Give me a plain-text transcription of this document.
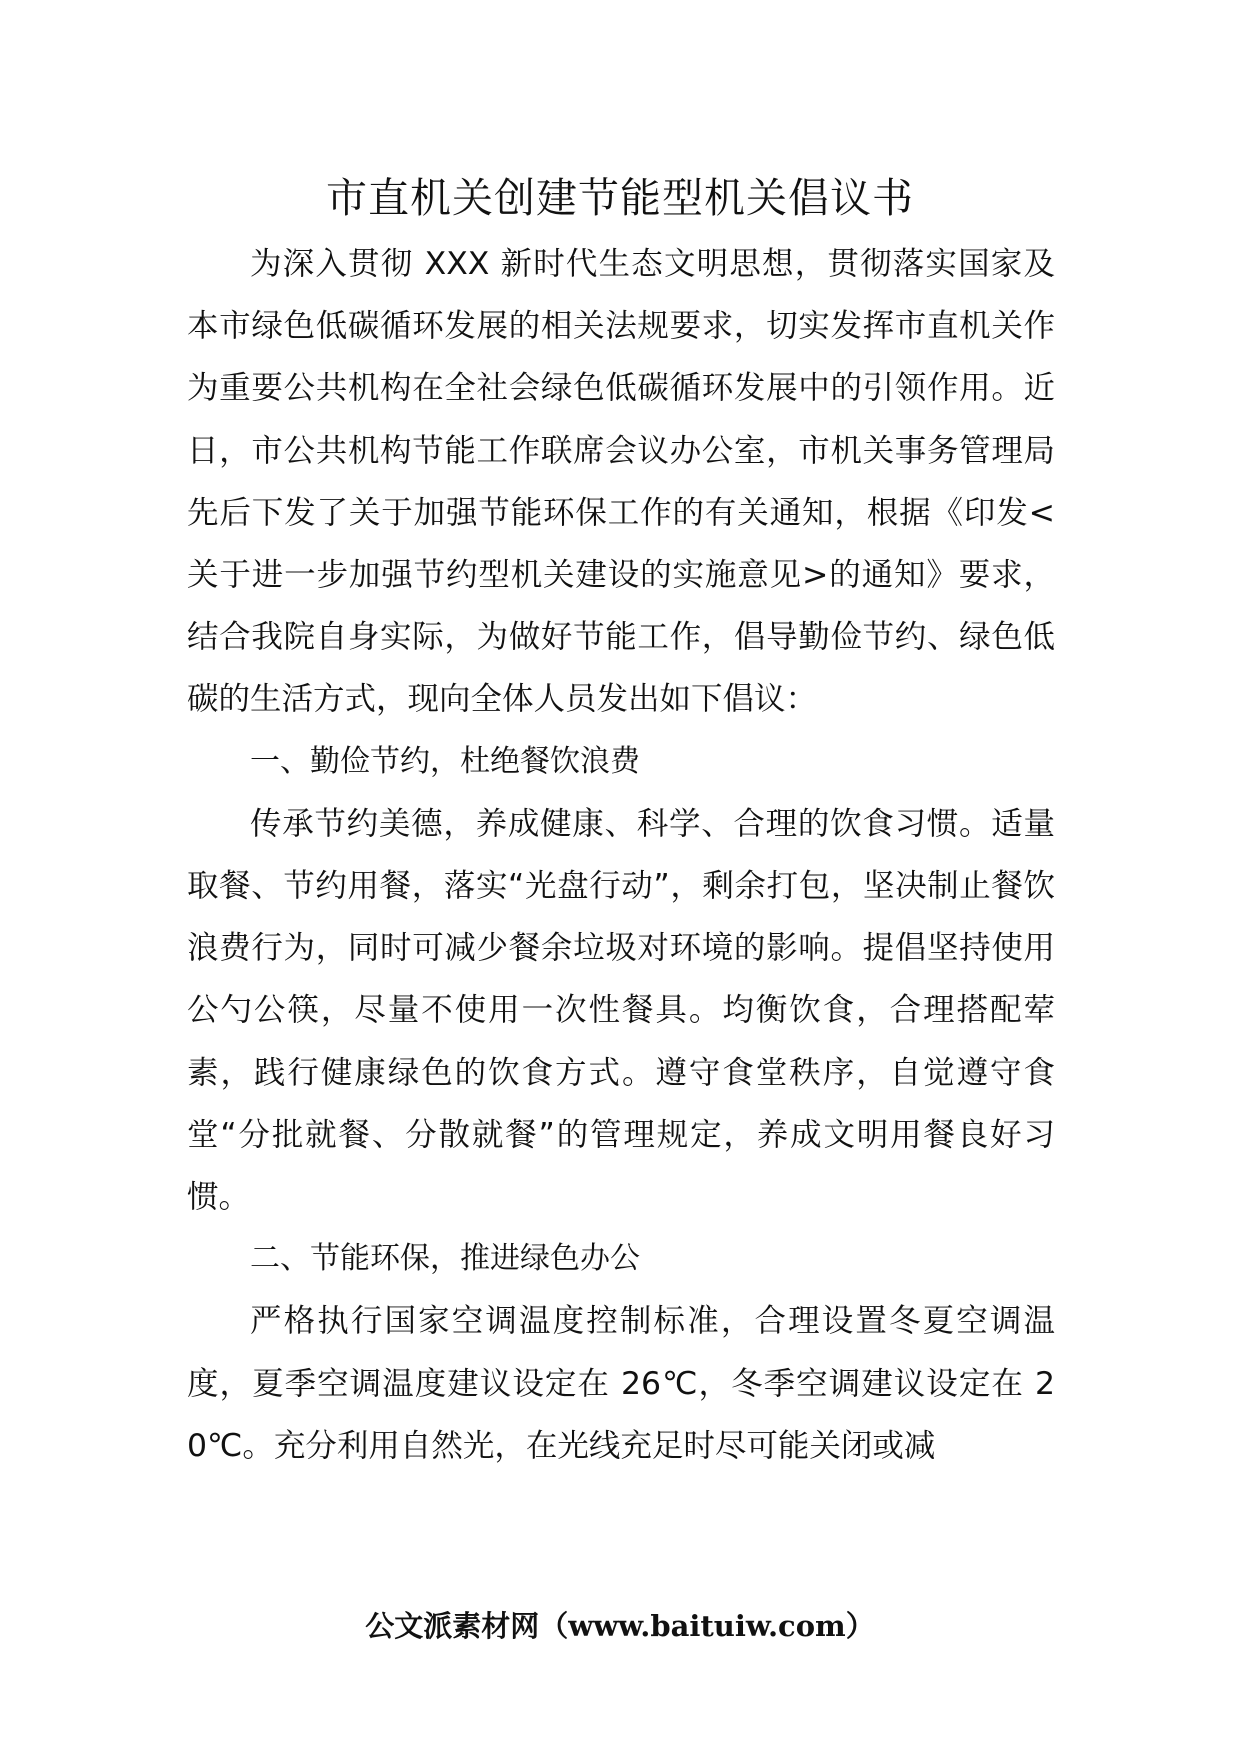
市直机关创建节能型机关倡议书

为深入贯彻 XXX 新时代生态文明思想，贯彻落实国家及本市绿色低碳循环发展的相关法规要求，切实发挥市直机关作为重要公共机构在全社会绿色低碳循环发展中的引领作用。近日，市公共机构节能工作联席会议办公室，市机关事务管理局先后下发了关于加强节能环保工作的有关通知，根据《印发<关于进一步加强节约型机关建设的实施意见>的通知》要求，结合我院自身实际，为做好节能工作，倡导勤俭节约、绿色低碳的生活方式，现向全体人员发出如下倡议：

一、勤俭节约，杜绝餐饮浪费

传承节约美德，养成健康、科学、合理的饮食习惯。适量取餐、节约用餐，落实“光盘行动”，剩余打包，坚决制止餐饮浪费行为，同时可减少餐余垃圾对环境的影响。提倡坚持使用公勺公筷，尽量不使用一次性餐具。均衡饮食，合理搭配荤素，践行健康绿色的饮食方式。遵守食堂秩序，自觉遵守食堂“分批就餐、分散就餐”的管理规定，养成文明用餐良好习惯。

二、节能环保，推进绿色办公

严格执行国家空调温度控制标准，合理设置冬夏空调温度，夏季空调温度建议设定在 26℃，冬季空调建议设定在 20℃。充分利用自然光，在光线充足时尽可能关闭或减

公文派素材网（www.baituiw.com）
